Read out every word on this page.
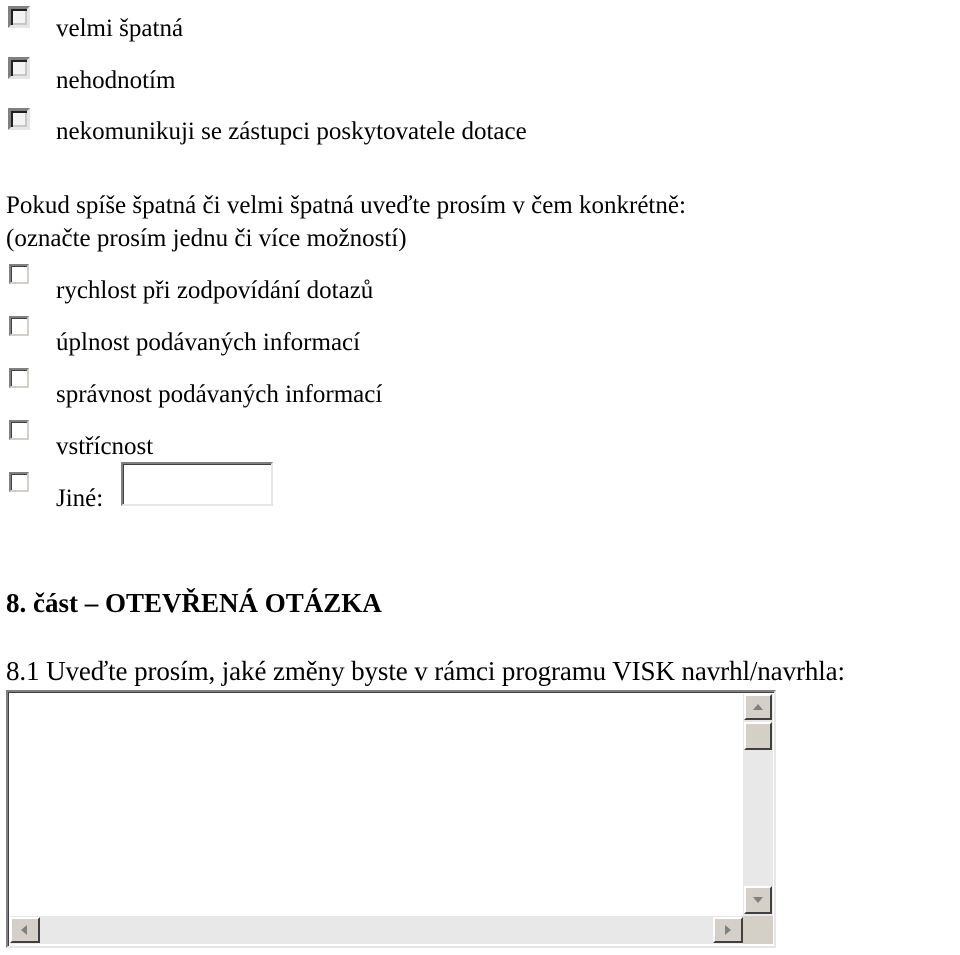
velmi špatná
nehodnotím
nekomunikuji se zástupci poskytovatele dotace
Pokud spíše špatná či velmi špatná uveďte prosím v čem konkrétně:
(označte prosím jednu či více možností)
rychlost při zodpovídání dotazů
úplnost podávaných informací
správnost podávaných informací
vstřícnost
Jiné:
8. část – OTEVŘENÁ OTÁZKA
8.1 Uveďte prosím, jaké změny byste v rámci programu VISK navrhl/navrhla:
